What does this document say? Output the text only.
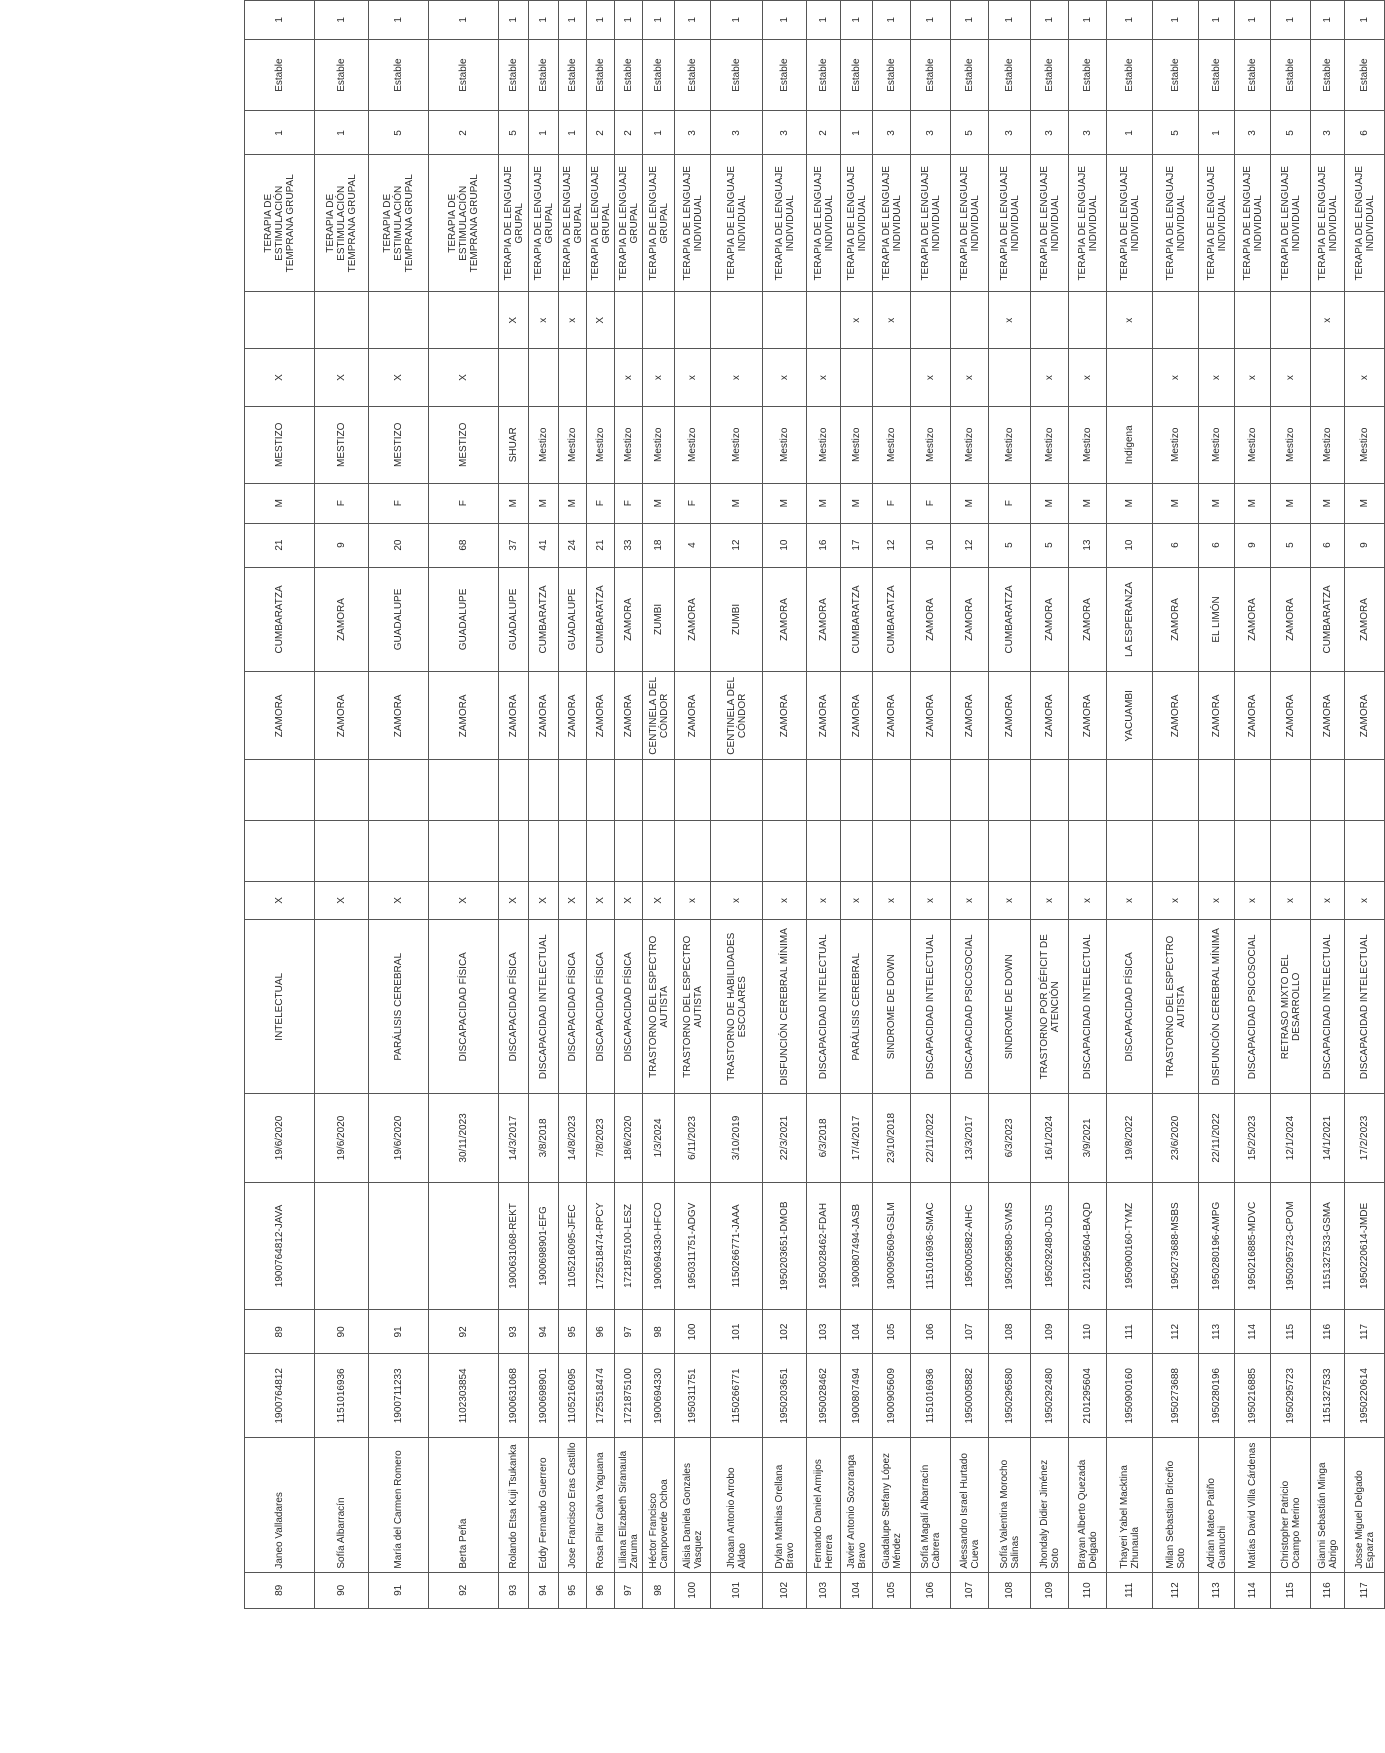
89	Janeo Valladares	1900764812	89	1900764812-JAVA	19/6/2020	INTELECTUAL	X			ZAMORA	CUMBARATZA	21	M	MESTIZO	X		TERAPIA DE ESTIMULACIÓN TEMPRANA GRUPAL	1	Estable	1
90	Sofía Albarracín	1151016936	90		19/6/2020		X			ZAMORA	ZAMORA	9	F	MESTIZO	X		TERAPIA DE ESTIMULACIÓN TEMPRANA GRUPAL	1	Estable	1
91	María del Carmen Romero	1900711233	91		19/6/2020	PARÁLISIS CEREBRAL	X			ZAMORA	GUADALUPE	20	F	MESTIZO	X		TERAPIA DE ESTIMULACIÓN TEMPRANA GRUPAL	5	Estable	1
92	Berta Peña	1102303854	92		30/11/2023	DISCAPACIDAD FÍSICA	X			ZAMORA	GUADALUPE	68	F	MESTIZO	X		TERAPIA DE ESTIMULACIÓN TEMPRANA GRUPAL	2	Estable	1
93	Rolando Etsa Kuji Tsukanka	1900631068	93	1900631068-REKT	14/3/2017	DISCAPACIDAD FÍSICA	X			ZAMORA	GUADALUPE	37	M	SHUAR		X	TERAPIA DE LENGUAJE GRUPAL	5	Estable	1
94	Eddy Fernando Guerrero	1900698901	94	1900698901-EFG	3/8/2018	DISCAPACIDAD INTELECTUAL	X			ZAMORA	CUMBARATZA	41	M	Mestizo		x	TERAPIA DE LENGUAJE GRUPAL	1	Estable	1
95	Jose Francisco Eras Castillo	1105216095	95	1105216095-JFEC	14/8/2023	DISCAPACIDAD FÍSICA	X			ZAMORA	GUADALUPE	24	M	Mestizo		x	TERAPIA DE LENGUAJE GRUPAL	1	Estable	1
96	Rosa Pilar Calva Yaguana	1725518474	96	1725518474-RPCY	7/8/2023	DISCAPACIDAD FÍSICA	X			ZAMORA	CUMBARATZA	21	F	Mestizo		X	TERAPIA DE LENGUAJE GRUPAL	2	Estable	1
97	Liliana Elizabeth Siranaula Zaruma	1721875100	97	1721875100-LESZ	18/6/2020	DISCAPACIDAD FÍSICA	X			ZAMORA	ZAMORA	33	F	Mestizo	x		TERAPIA DE LENGUAJE GRUPAL	2	Estable	1
98	Héctor Francisco Campoverde Ochoa	1900694330	98	1900694330-HFCO	1/3/2024	TRASTORNO DEL ESPECTRO AUTISTA	X			CENTINELA DEL CÓNDOR	ZUMBI	18	M	Mestizo	x		TERAPIA DE LENGUAJE GRUPAL	1	Estable	1
100	Alisia Daniela Gonzales Vasquez	1950311751	100	1950311751-ADGV	6/11/2023	TRASTORNO DEL ESPECTRO AUTISTA	x			ZAMORA	ZAMORA	4	F	Mestizo	x		TERAPIA DE LENGUAJE INDIVIDUAL	3	Estable	1
101	Jhoaan Antonio Arrobo Aldao	1150266771	101	1150266771-JAAA	3/10/2019	TRASTORNO DE HABILIDADES ESCOLARES	x			CENTINELA DEL CÓNDOR	ZUMBI	12	M	Mestizo	x		TERAPIA DE LENGUAJE INDIVIDUAL	3	Estable	1
102	Dylan Mathias Orellana Bravo	1950203651	102	1950203651-DMOB	22/3/2021	DISFUNCIÓN CEREBRAL MÍNIMA	x			ZAMORA	ZAMORA	10	M	Mestizo	x		TERAPIA DE LENGUAJE INDIVIDUAL	3	Estable	1
103	Fernando Daniel Armijos Herrera	1950028462	103	1950028462-FDAH	6/3/2018	DISCAPACIDAD INTELECTUAL	x			ZAMORA	ZAMORA	16	M	Mestizo	x		TERAPIA DE LENGUAJE INDIVIDUAL	2	Estable	1
104	Javier Antonio Sozoranga Bravo	1900807494	104	1900807494-JASB	17/4/2017	PARÁLISIS CEREBRAL	x			ZAMORA	CUMBARATZA	17	M	Mestizo		x	TERAPIA DE LENGUAJE INDIVIDUAL	1	Estable	1
105	Guadalupe Stefany López Méndez	1900905609	105	1900905609-GSLM	23/10/2018	SINDROME DE DOWN	x			ZAMORA	CUMBARATZA	12	F	Mestizo		x	TERAPIA DE LENGUAJE INDIVIDUAL	3	Estable	1
106	Sofía Magalí Albarracín Cabrera	1151016936	106	1151016936-SMAC	22/11/2022	DISCAPACIDAD INTELECTUAL	x			ZAMORA	ZAMORA	10	F	Mestizo	x		TERAPIA DE LENGUAJE INDIVIDUAL	3	Estable	1
107	Alessandro Israel Hurtado Cueva	1950005882	107	1950005882-AIHC	13/3/2017	DISCAPACIDAD PSICOSOCIAL	x			ZAMORA	ZAMORA	12	M	Mestizo	x		TERAPIA DE LENGUAJE INDIVIDUAL	5	Estable	1
108	Sofía Valentina Morocho Salinas	1950296580	108	1950296580-SVMS	6/3/2023	SINDROME DE DOWN	x			ZAMORA	CUMBARATZA	5	F	Mestizo		x	TERAPIA DE LENGUAJE INDIVIDUAL	3	Estable	1
109	Jhondaly Didier Jiménez Soto	1950292480	109	1950292480-JDJS	16/1/2024	TRASTORNO POR DÉFICIT DE ATENCIÓN	x			ZAMORA	ZAMORA	5	M	Mestizo	x		TERAPIA DE LENGUAJE INDIVIDUAL	3	Estable	1
110	Brayan Alberto Quezada Delgado	2101295604	110	2101295604-BAQD	3/9/2021	DISCAPACIDAD INTELECTUAL	x			ZAMORA	ZAMORA	13	M	Mestizo	x		TERAPIA DE LENGUAJE INDIVIDUAL	3	Estable	1
111	Thayeri Yabel Macktina Zhunaula	1950900160	111	1950900160-TYMZ	19/8/2022	DISCAPACIDAD FÍSICA	x			YACUAMBI	LA ESPERANZA	10	M	Indígena		x	TERAPIA DE LENGUAJE INDIVIDUAL	1	Estable	1
112	Milan Sebastian Briceño Soto	1950273688	112	1950273688-MSBS	23/6/2020	TRASTORNO DEL ESPECTRO AUTISTA	x			ZAMORA	ZAMORA	6	M	Mestizo	x		TERAPIA DE LENGUAJE INDIVIDUAL	5	Estable	1
113	Adrian Mateo Patiño Guanuchi	1950280196	113	1950280196-AMPG	22/11/2022	DISFUNCIÓN CEREBRAL MÍNIMA	x			ZAMORA	EL LIMÓN	6	M	Mestizo	x		TERAPIA DE LENGUAJE INDIVIDUAL	1	Estable	1
114	Matías David Villa Cárdenas	1950216885	114	1950216885-MDVC	15/2/2023	DISCAPACIDAD PSICOSOCIAL	x			ZAMORA	ZAMORA	9	M	Mestizo	x		TERAPIA DE LENGUAJE INDIVIDUAL	3	Estable	1
115	Christopher Patricio Ocampo Merino	1950295723	115	1950295723-CPOM	12/1/2024	RETRASO MIXTO DEL DESARROLLO	x			ZAMORA	ZAMORA	5	M	Mestizo	x		TERAPIA DE LENGUAJE INDIVIDUAL	5	Estable	1
116	Gianni Sebastián Minga Abrigo	1151327533	116	1151327533-GSMA	14/1/2021	DISCAPACIDAD INTELECTUAL	x			ZAMORA	CUMBARATZA	6	M	Mestizo		x	TERAPIA DE LENGUAJE INDIVIDUAL	3	Estable	1
117	Josse Miguel Delgado Esparza	1950220614	117	1950220614-JMDE	17/2/2023	DISCAPACIDAD INTELECTUAL	x			ZAMORA	ZAMORA	9	M	Mestizo	x		TERAPIA DE LENGUAJE INDIVIDUAL	6	Estable	1
